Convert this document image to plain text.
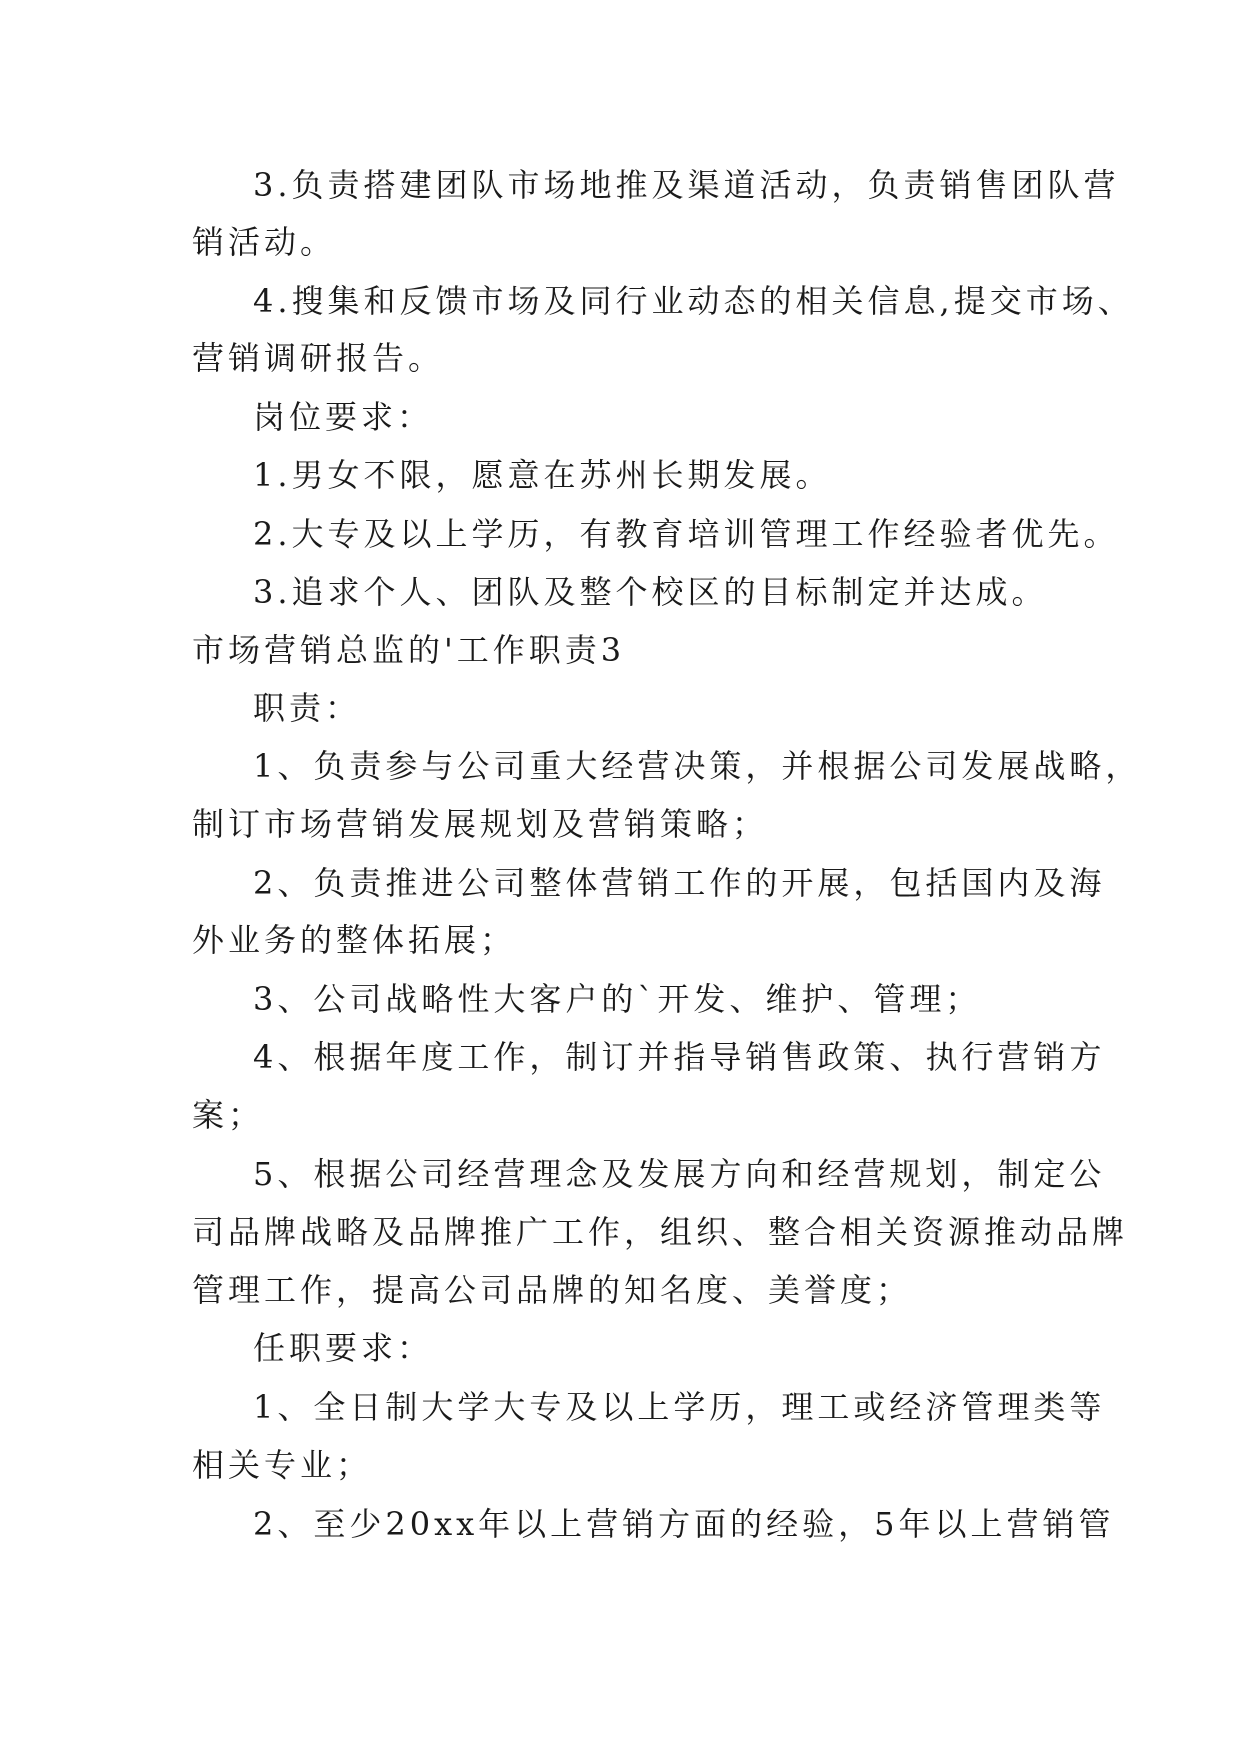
3.负责搭建团队市场地推及渠道活动，负责销售团队营
销活动。
4.搜集和反馈市场及同行业动态的相关信息,提交市场、
营销调研报告。
岗位要求：
1.男女不限，愿意在苏州长期发展。
2.大专及以上学历，有教育培训管理工作经验者优先。
3.追求个人、团队及整个校区的目标制定并达成。
市场营销总监的'工作职责3
职责：
1、负责参与公司重大经营决策，并根据公司发展战略，
制订市场营销发展规划及营销策略；
2、负责推进公司整体营销工作的开展，包括国内及海
外业务的整体拓展；
3、公司战略性大客户的`开发、维护、管理；
4、根据年度工作，制订并指导销售政策、执行营销方
案；
5、根据公司经营理念及发展方向和经营规划，制定公
司品牌战略及品牌推广工作，组织、整合相关资源推动品牌
管理工作，提高公司品牌的知名度、美誉度；
任职要求：
1、全日制大学大专及以上学历，理工或经济管理类等
相关专业；
2、至少20xx年以上营销方面的经验，5年以上营销管
